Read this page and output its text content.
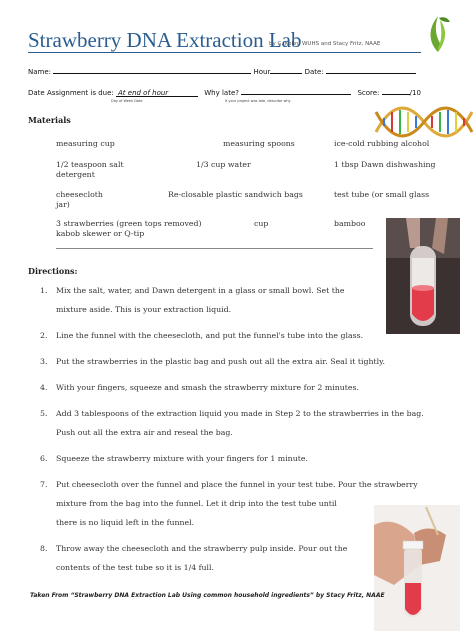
Strawberry DNA Extraction Lab
by C. Kohn, WUHS and Stacy Fritz, NAAE
Name:	Hour	Date:
Date Assignment is due: At end of hour	Why late?	Score:	/10
Day of Week Date	If your project was late, describe why
Materials
measuring cup	measuring spoons	ice-cold rubbing alcohol
1/2 teaspoon salt	1/3 cup water	1 tbsp Dawn dishwashing
detergent
cheesecloth	Re-closable plastic sandwich bags	test tube (or small glass
jar)
3 strawberries (green tops removed)	cup	bamboo
kabob skewer or Q-tip
Directions:
1. Mix the salt, water, and Dawn detergent in a glass or small bowl. Set the
mixture aside. This is your extraction liquid.
2. Line the funnel with the cheesecloth, and put the funnel's tube into the glass.
3. Put the strawberries in the plastic bag and push out all the extra air. Seal it tightly.
4. With your fingers, squeeze and smash the strawberry mixture for 2 minutes.
5. Add 3 tablespoons of the extraction liquid you made in Step 2 to the strawberries in the bag.
Push out all the extra air and reseal the bag.
6. Squeeze the strawberry mixture with your fingers for 1 minute.
7. Put cheesecloth over the funnel and place the funnel in your test tube. Pour the strawberry
mixture from the bag into the funnel. Let it drip into the test tube until
there is no liquid left in the funnel.
8. Throw away the cheesecloth and the strawberry pulp inside. Pour out the
contents of the test tube so it is 1/4 full.
Taken From “Strawberry DNA Extraction Lab Using common household ingredients” by Stacy Fritz, NAAE
